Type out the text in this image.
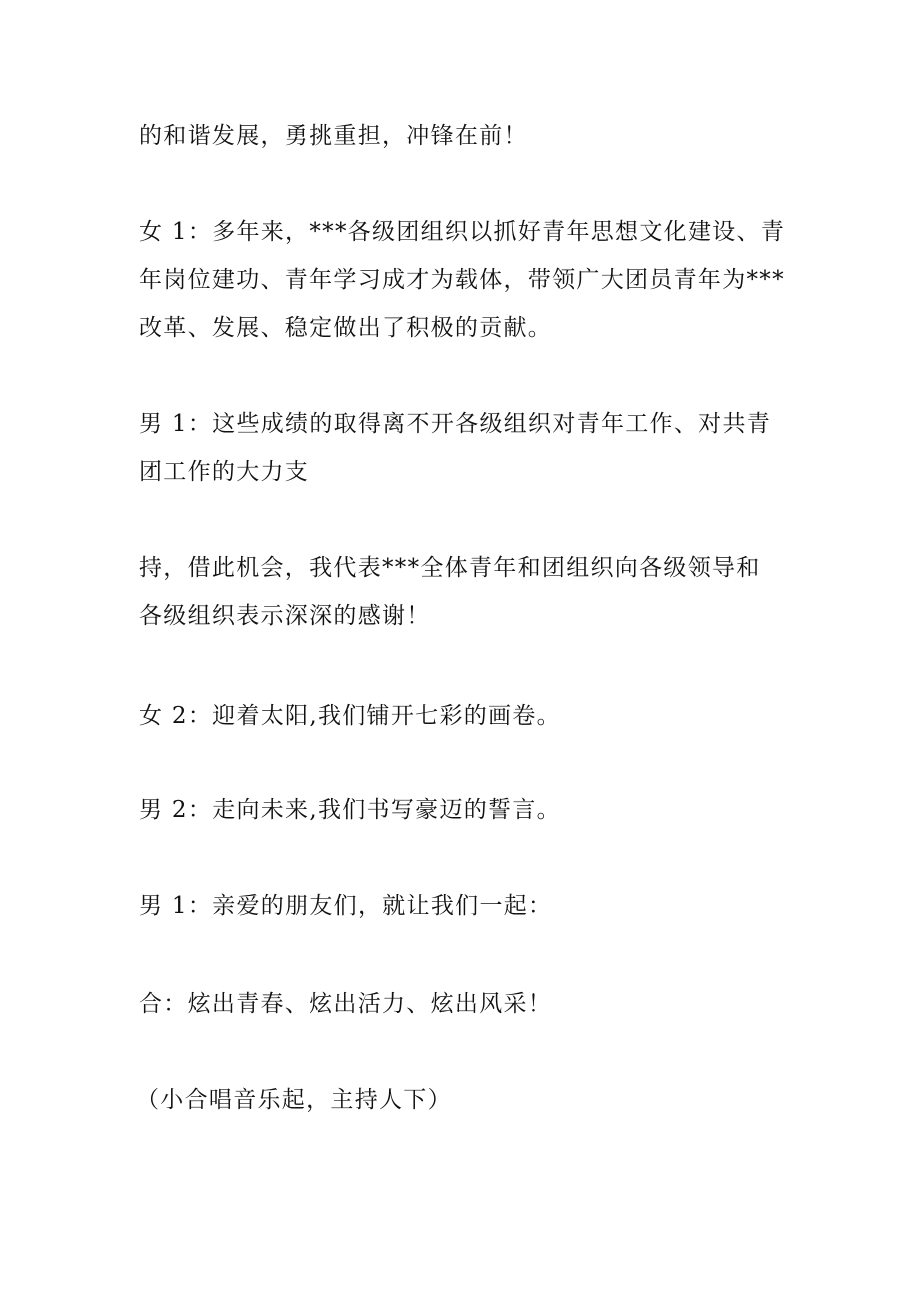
的和谐发展，勇挑重担，冲锋在前！

女 1：多年来，***各级团组织以抓好青年思想文化建设、青
年岗位建功、青年学习成才为载体，带领广大团员青年为***
改革、发展、稳定做出了积极的贡献。

男 1：这些成绩的取得离不开各级组织对青年工作、对共青
团工作的大力支

持，借此机会，我代表***全体青年和团组织向各级领导和
各级组织表示深深的感谢！

女 2：迎着太阳,我们铺开七彩的画卷。

男 2：走向未来,我们书写豪迈的誓言。

男 1：亲爱的朋友们，就让我们一起：

合：炫出青春、炫出活力、炫出风采！

（小合唱音乐起，主持人下）
